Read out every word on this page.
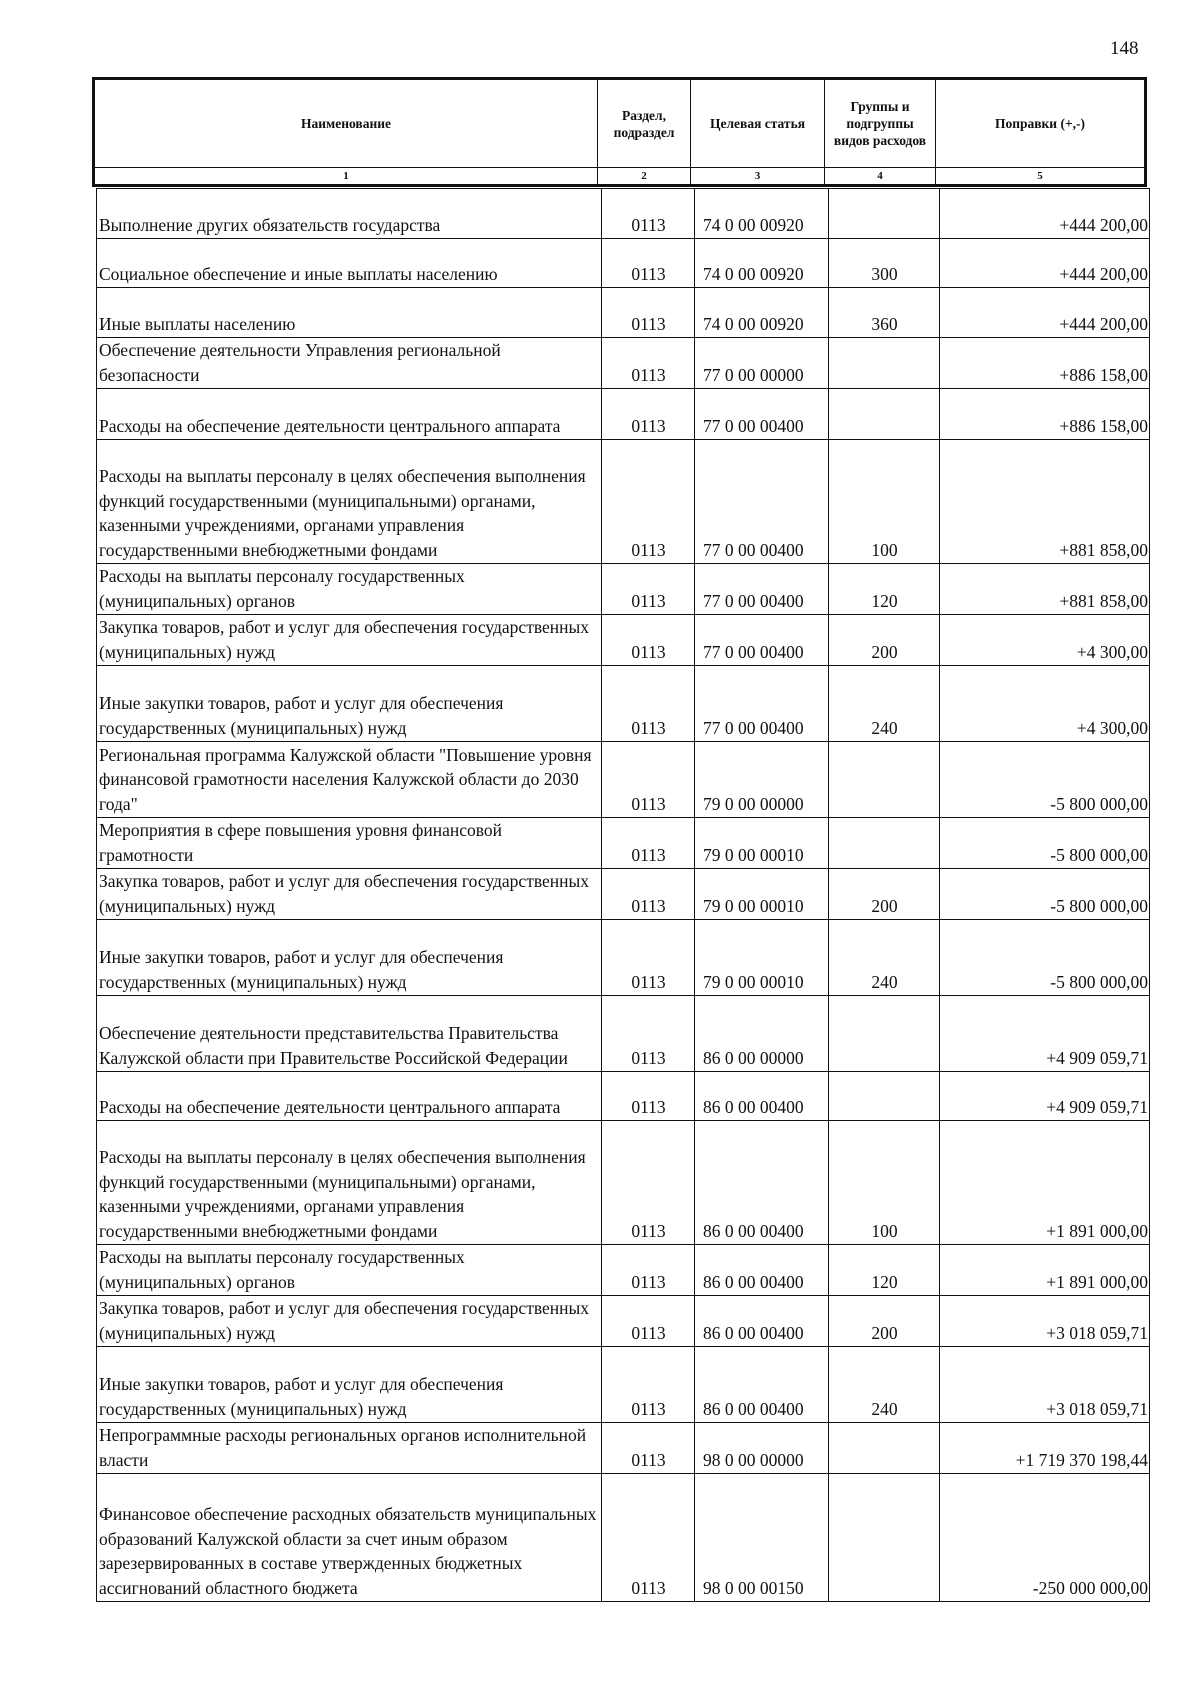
148
Наименование	Раздел, подраздел	Целевая статья	Группы и подгруппы видов расходов	Поправки (+,-)
1	2	3	4	5
Выполнение других обязательств государства	0113	74 0 00 00920		+444 200,00
Социальное обеспечение и иные выплаты населению	0113	74 0 00 00920	300	+444 200,00
Иные выплаты населению	0113	74 0 00 00920	360	+444 200,00
Обеспечение деятельности Управления региональной безопасности	0113	77 0 00 00000		+886 158,00
Расходы на обеспечение деятельности центрального аппарата	0113	77 0 00 00400		+886 158,00
Расходы на выплаты персоналу в целях обеспечения выполнения функций государственными (муниципальными) органами, казенными учреждениями, органами управления государственными внебюджетными фондами	0113	77 0 00 00400	100	+881 858,00
Расходы на выплаты персоналу государственных (муниципальных) органов	0113	77 0 00 00400	120	+881 858,00
Закупка товаров, работ и услуг для обеспечения государственных (муниципальных) нужд	0113	77 0 00 00400	200	+4 300,00
Иные закупки товаров, работ и услуг для обеспечения государственных (муниципальных) нужд	0113	77 0 00 00400	240	+4 300,00
Региональная программа Калужской области "Повышение уровня финансовой грамотности населения Калужской области до 2030 года"	0113	79 0 00 00000		-5 800 000,00
Мероприятия в сфере повышения уровня финансовой грамотности	0113	79 0 00 00010		-5 800 000,00
Закупка товаров, работ и услуг для обеспечения государственных (муниципальных) нужд	0113	79 0 00 00010	200	-5 800 000,00
Иные закупки товаров, работ и услуг для обеспечения государственных (муниципальных) нужд	0113	79 0 00 00010	240	-5 800 000,00
Обеспечение деятельности представительства Правительства Калужской области при Правительстве Российской Федерации	0113	86 0 00 00000		+4 909 059,71
Расходы на обеспечение деятельности центрального аппарата	0113	86 0 00 00400		+4 909 059,71
Расходы на выплаты персоналу в целях обеспечения выполнения функций государственными (муниципальными) органами, казенными учреждениями, органами управления государственными внебюджетными фондами	0113	86 0 00 00400	100	+1 891 000,00
Расходы на выплаты персоналу государственных (муниципальных) органов	0113	86 0 00 00400	120	+1 891 000,00
Закупка товаров, работ и услуг для обеспечения государственных (муниципальных) нужд	0113	86 0 00 00400	200	+3 018 059,71
Иные закупки товаров, работ и услуг для обеспечения государственных (муниципальных) нужд	0113	86 0 00 00400	240	+3 018 059,71
Непрограммные расходы региональных органов исполнительной власти	0113	98 0 00 00000		+1 719 370 198,44
Финансовое обеспечение расходных обязательств муниципальных образований Калужской области за счет иным образом зарезервированных в составе утвержденных бюджетных ассигнований областного бюджета	0113	98 0 00 00150		-250 000 000,00
